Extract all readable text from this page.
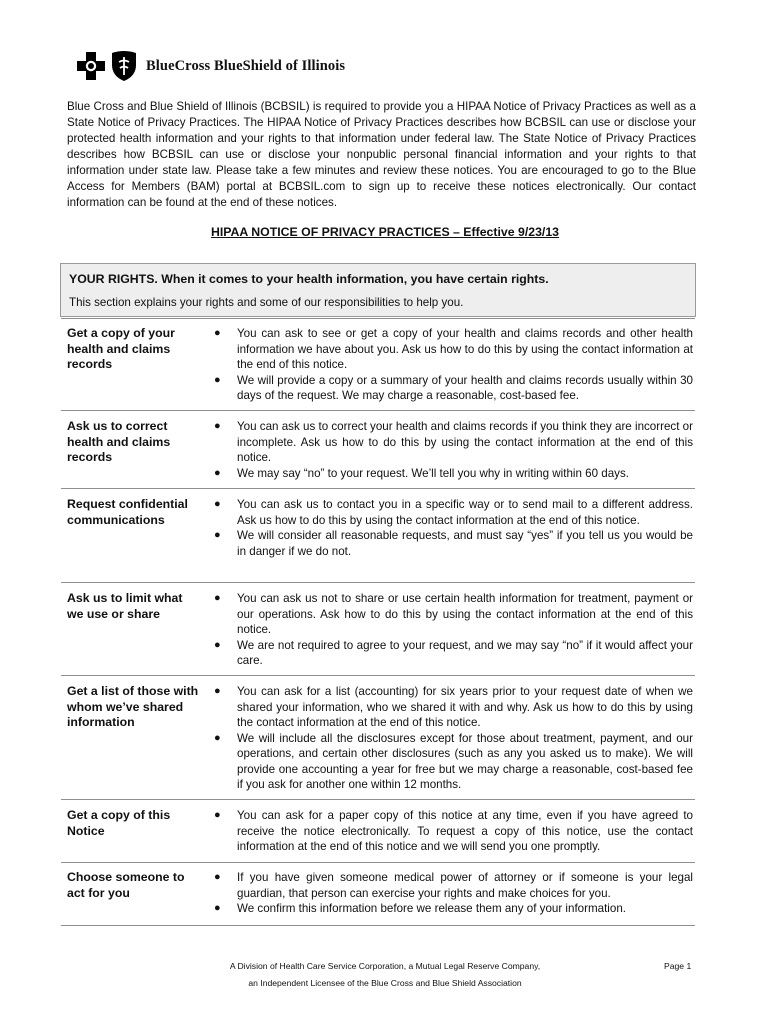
BlueCross BlueShield of Illinois

Blue Cross and Blue Shield of Illinois (BCBSIL) is required to provide you a HIPAA Notice of Privacy Practices as well as a State Notice of Privacy Practices. The HIPAA Notice of Privacy Practices describes how BCBSIL can use or disclose your protected health information and your rights to that information under federal law. The State Notice of Privacy Practices describes how BCBSIL can use or disclose your nonpublic personal financial information and your rights to that information under state law. Please take a few minutes and review these notices. You are encouraged to go to the Blue Access for Members (BAM) portal at BCBSIL.com to sign up to receive these notices electronically. Our contact information can be found at the end of these notices.

HIPAA NOTICE OF PRIVACY PRACTICES – Effective 9/23/13
YOUR RIGHTS. When it comes to your health information, you have certain rights.
This section explains your rights and some of our responsibilities to help you.
Get a copy of your health and claims records
● You can ask to see or get a copy of your health and claims records and other health information we have about you. Ask us how to do this by using the contact information at the end of this notice.
● We will provide a copy or a summary of your health and claims records usually within 30 days of the request. We may charge a reasonable, cost-based fee.
Ask us to correct health and claims records
● You can ask us to correct your health and claims records if you think they are incorrect or incomplete. Ask us how to do this by using the contact information at the end of this notice.
● We may say “no” to your request. We’ll tell you why in writing within 60 days.
Request confidential communications
● You can ask us to contact you in a specific way or to send mail to a different address. Ask us how to do this by using the contact information at the end of this notice.
● We will consider all reasonable requests, and must say “yes” if you tell us you would be in danger if we do not.
Ask us to limit what we use or share
● You can ask us not to share or use certain health information for treatment, payment or our operations. Ask how to do this by using the contact information at the end of this notice.
● We are not required to agree to your request, and we may say “no” if it would affect your care.
Get a list of those with whom we’ve shared information
● You can ask for a list (accounting) for six years prior to your request date of when we shared your information, who we shared it with and why. Ask us how to do this by using the contact information at the end of this notice.
● We will include all the disclosures except for those about treatment, payment, and our operations, and certain other disclosures (such as any you asked us to make). We will provide one accounting a year for free but we may charge a reasonable, cost-based fee if you ask for another one within 12 months.
Get a copy of this Notice
● You can ask for a paper copy of this notice at any time, even if you have agreed to receive the notice electronically. To request a copy of this notice, use the contact information at the end of this notice and we will send you one promptly.
Choose someone to act for you
● If you have given someone medical power of attorney or if someone is your legal guardian, that person can exercise your rights and make choices for you.
● We confirm this information before we release them any of your information.
A Division of Health Care Service Corporation, a Mutual Legal Reserve Company,
an Independent Licensee of the Blue Cross and Blue Shield Association
Page 1
